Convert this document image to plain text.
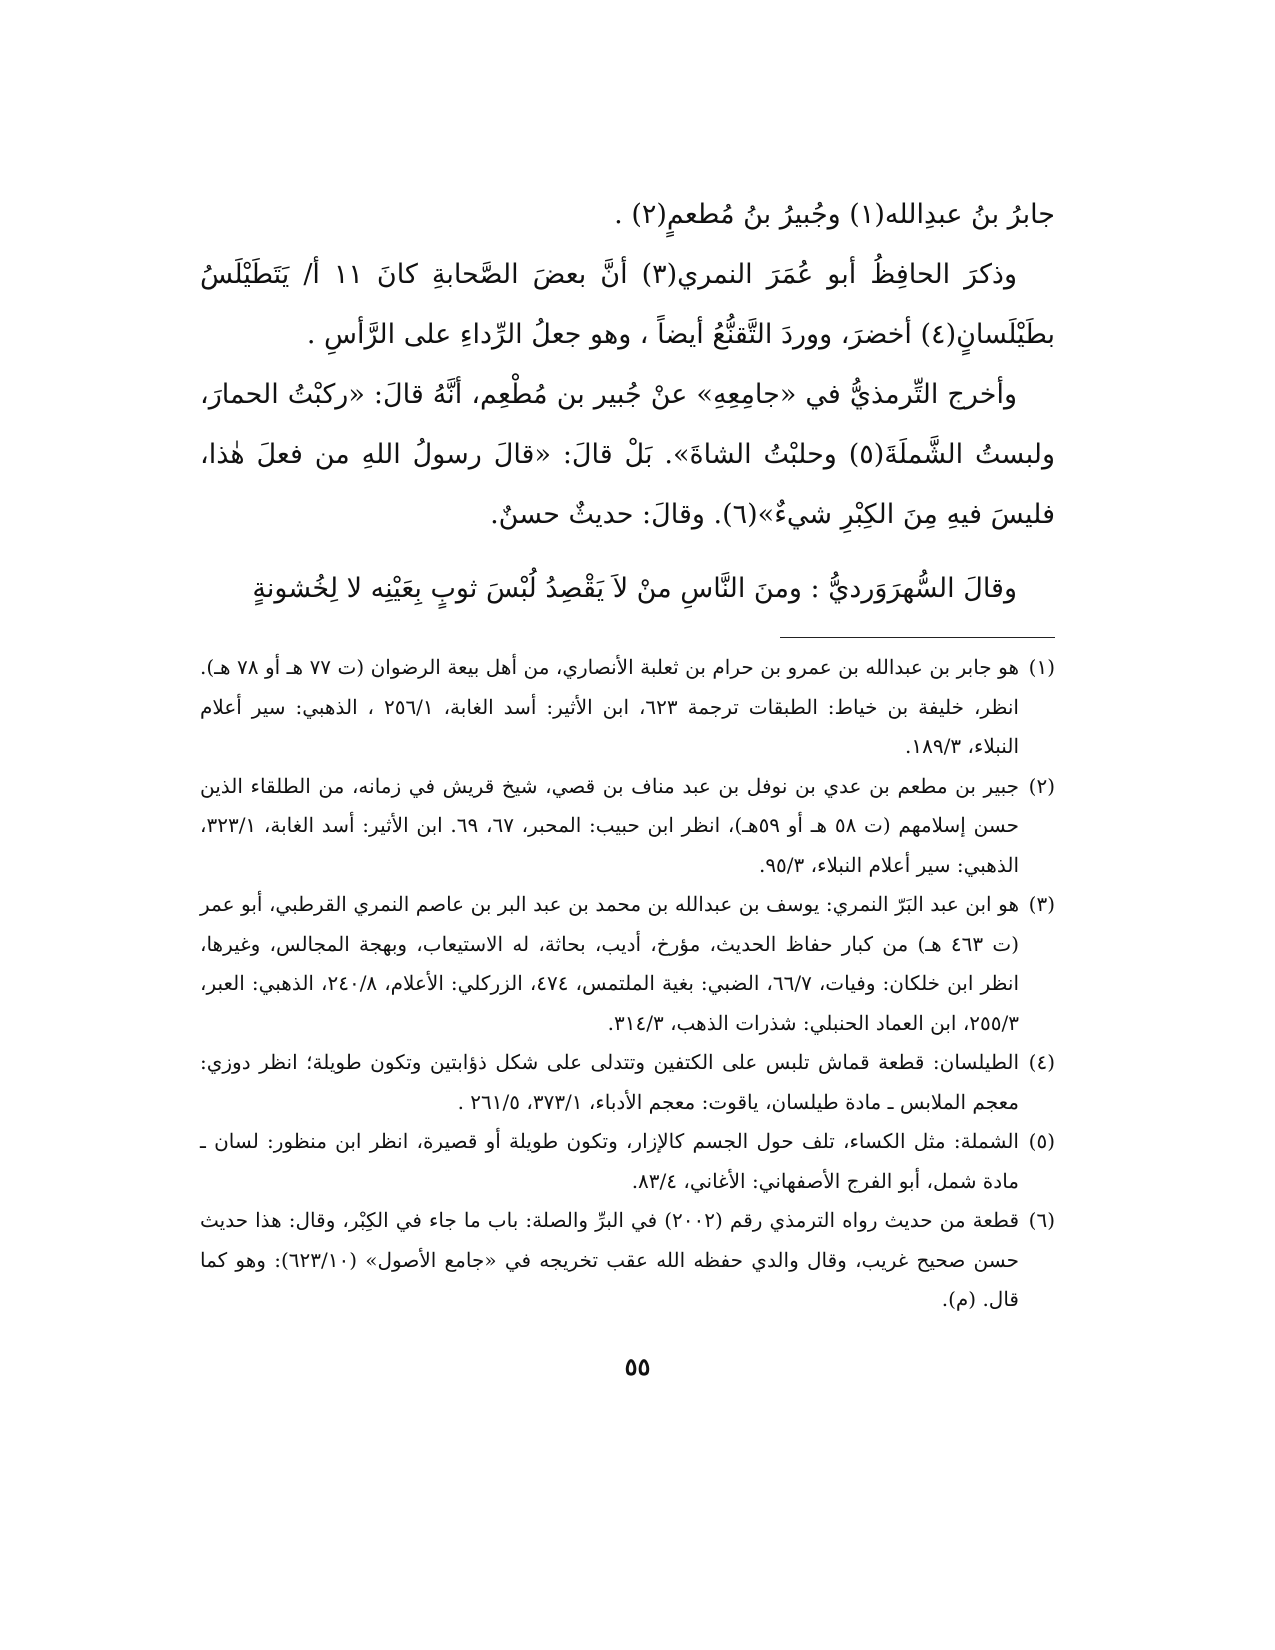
جابرُ بنُ عبدِالله(١) وجُبيرُ بنُ مُطعمٍ(٢) .

وذكرَ الحافِظُ أبو عُمَرَ النمري(٣) أنَّ بعضَ الصَّحابةِ كانَ ١١ أ/ يَتَطَيْلَسُ بطَيْلَسانٍ(٤) أخضرَ، ووردَ التَّقنُّعُ أيضاً ، وهو جعلُ الرِّداءِ على الرَّأسِ .

وأخرج التِّرمذيُّ في «جامِعِهِ» عنْ جُبير بن مُطْعِم، أنَّهُ قالَ: «ركبْتُ الحمارَ، ولبستُ الشَّملَةَ(٥) وحلبْتُ الشاةَ». بَلْ قالَ: «قالَ رسولُ اللهِ من فعلَ هٰذا، فليسَ فيهِ مِنَ الكِبْرِ شيءٌ»(٦). وقالَ: حديثٌ حسنٌ.

وقالَ السُّهرَوَرديُّ : ومنَ النَّاسِ منْ لاَ يَقْصِدُ لُبْسَ ثوبٍ بِعَيْنِه لا لِخُشونةٍ

(١)
هو جابر بن عبدالله بن عمرو بن حرام بن ثعلبة الأنصاري، من أهل بيعة الرضوان (ت ٧٧ هـ أو ٧٨ هـ). انظر، خليفة بن خياط: الطبقات ترجمة ٦٢٣، ابن الأثير: أسد الغابة، ٢٥٦/١ ، الذهبي: سير أعلام النبلاء، ١٨٩/٣.
(٢)
جبير بن مطعم بن عدي بن نوفل بن عبد مناف بن قصي، شيخ قريش في زمانه، من الطلقاء الذين حسن إسلامهم (ت ٥٨ هـ أو ٥٩هـ)، انظر ابن حبيب: المحبر، ٦٧، ٦٩. ابن الأثير: أسد الغابة، ٣٢٣/١، الذهبي: سير أعلام النبلاء، ٩٥/٣.
(٣)
هو ابن عبد البَرّ النمري: يوسف بن عبدالله بن محمد بن عبد البر بن عاصم النمري القرطبي، أبو عمر (ت ٤٦٣ هـ) من كبار حفاظ الحديث، مؤرخ، أديب، بحاثة، له الاستيعاب، وبهجة المجالس، وغيرها، انظر ابن خلكان: وفيات، ٦٦/٧، الضبي: بغية الملتمس، ٤٧٤، الزركلي: الأعلام، ٢٤٠/٨، الذهبي: العبر، ٢٥٥/٣، ابن العماد الحنبلي: شذرات الذهب، ٣١٤/٣.
(٤)
الطيلسان: قطعة قماش تلبس على الكتفين وتتدلى على شكل ذؤابتين وتكون طويلة؛ انظر دوزي: معجم الملابس ـ مادة طيلسان، ياقوت: معجم الأدباء، ٣٧٣/١، ٢٦١/٥ .
(٥)
الشملة: مثل الكساء، تلف حول الجسم كالإزار، وتكون طويلة أو قصيرة، انظر ابن منظور: لسان ـ مادة شمل، أبو الفرج الأصفهاني: الأغاني، ٨٣/٤.
(٦)
قطعة من حديث رواه الترمذي رقم (٢٠٠٢) في البرِّ والصلة: باب ما جاء في الكِبْر، وقال: هذا حديث حسن صحيح غريب، وقال والدي حفظه الله عقب تخريجه في «جامع الأصول» (٦٢٣/١٠): وهو كما قال. (م).
٥٥
